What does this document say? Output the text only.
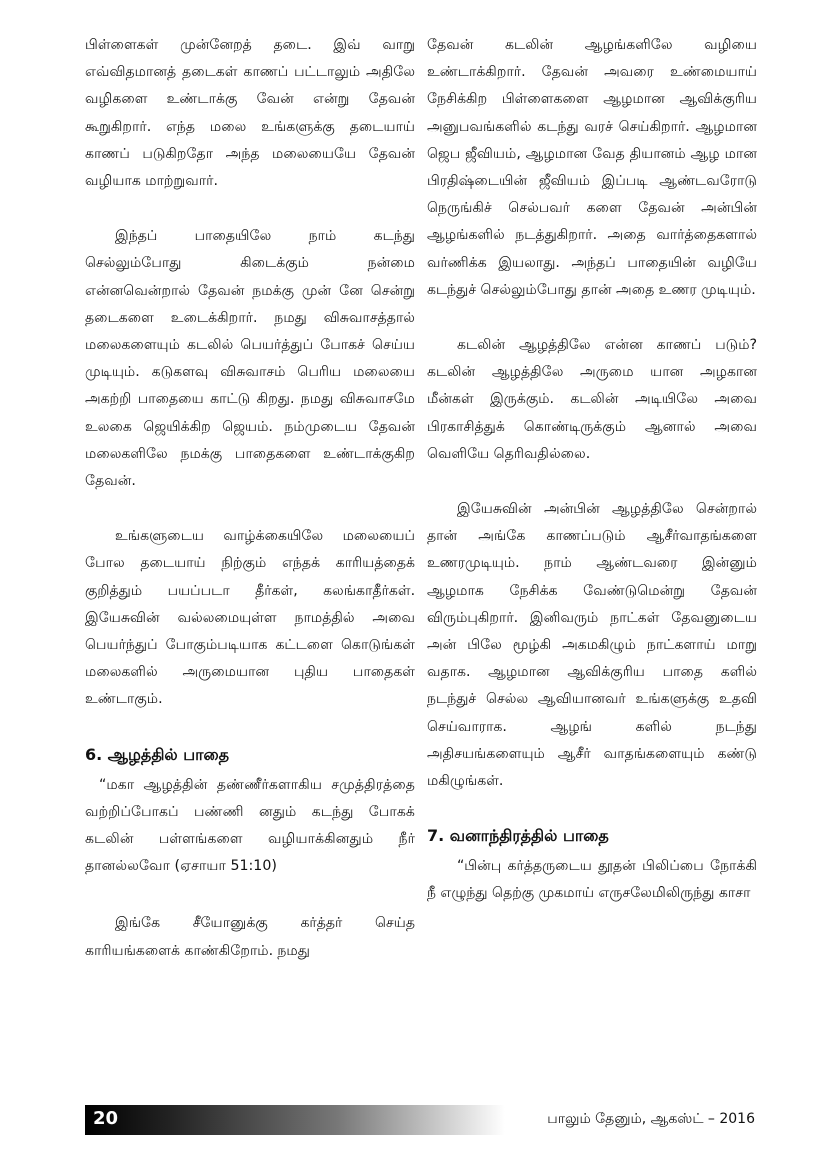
பிள்ளைகள் முன்னேறத் தடை. இவ் வாறு எவ்விதமானத் தடைகள் காணப் பட்டாலும் அதிலே வழிகளை உண்டாக்கு வேன் என்று தேவன் கூறுகிறார். எந்த மலை உங்களுக்கு தடையாய் காணப் படுகிறதோ அந்த மலையையே தேவன் வழியாக மாற்றுவார்.

இந்தப் பாதையிலே நாம் கடந்து செல்லும்போது கிடைக்கும் நன்மை என்னவென்றால் தேவன் நமக்கு முன் னே சென்று தடைகளை உடைக்கிறார். நமது விசுவாசத்தால் மலைகளையும் கடலில் பெயர்த்துப் போகச் செய்ய முடியும். கடுகளவு விசுவாசம் பெரிய மலையை அகற்றி பாதையை காட்டு கிறது. நமது விசுவாசமே உலகை ஜெயிக்கிற ஜெயம். நம்முடைய தேவன் மலைகளிலே நமக்கு பாதைகளை உண்டாக்குகிற தேவன்.

உங்களுடைய வாழ்க்கையிலே மலையைப் போல தடையாய் நிற்கும் எந்தக் காரியத்தைக் குறித்தும் பயப்படா தீர்கள், கலங்காதீர்கள். இயேசுவின் வல்லமையுள்ள நாமத்தில் அவை பெயர்ந்துப் போகும்படியாக கட்டளை கொடுங்கள் மலைகளில் அருமையான புதிய பாதைகள் உண்டாகும்.

6. ஆழத்தில் பாதை

“மகா ஆழத்தின் தண்ணீர்களாகிய சமுத்திரத்தை வற்றிப்போகப் பண்ணி னதும் கடந்து போகக் கடலின் பள்ளங்களை வழியாக்கினதும் நீர் தானல்லவோ (ஏசாயா 51:10)

இங்கே சீயோனுக்கு கர்த்தர் செய்த காரியங்களைக் காண்கிறோம். நமது

தேவன் கடலின் ஆழங்களிலே வழியை உண்டாக்கிறார். தேவன் அவரை உண்மையாய் நேசிக்கிற பிள்ளைகளை ஆழமான ஆவிக்குரிய அனுபவங்களில் கடந்து வரச் செய்கிறார். ஆழமான ஜெப ஜீவியம், ஆழமான வேத தியானம் ஆழ மான பிரதிஷ்டையின் ஜீவியம் இப்படி ஆண்டவரோடு நெருங்கிச் செல்பவர் களை தேவன் அன்பின் ஆழங்களில் நடத்துகிறார். அதை வார்த்தைகளால் வர்ணிக்க இயலாது. அந்தப் பாதையின் வழியே கடந்துச் செல்லும்போது தான் அதை உணர முடியும்.

கடலின் ஆழத்திலே என்ன காணப் படும்? கடலின் ஆழத்திலே அருமை யான அழகான மீன்கள் இருக்கும். கடலின் அடியிலே அவை பிரகாசித்துக் கொண்டிருக்கும் ஆனால் அவை வெளியே தெரிவதில்லை.

இயேசுவின் அன்பின் ஆழத்திலே சென்றால் தான் அங்கே காணப்படும் ஆசீர்வாதங்களை உணரமுடியும். நாம் ஆண்டவரை இன்னும் ஆழமாக நேசிக்க வேண்டுமென்று தேவன் விரும்புகிறார். இனிவரும் நாட்கள் தேவனுடைய அன் பிலே மூழ்கி அகமகிழும் நாட்களாய் மாறு வதாக. ஆழமான ஆவிக்குரிய பாதை களில் நடந்துச் செல்ல ஆவியானவர் உங்களுக்கு உதவி செய்வாராக. ஆழங் களில் நடந்து அதிசயங்களையும் ஆசீர் வாதங்களையும் கண்டு மகிழுங்கள்.

7. வனாந்திரத்தில் பாதை

“பின்பு கர்த்தருடைய தூதன் பிலிப்பை நோக்கி நீ எழுந்து தெற்கு முகமாய் எருசலேமிலிருந்து காசா

20	பாலும் தேனும், ஆகஸ்ட் – 2016
